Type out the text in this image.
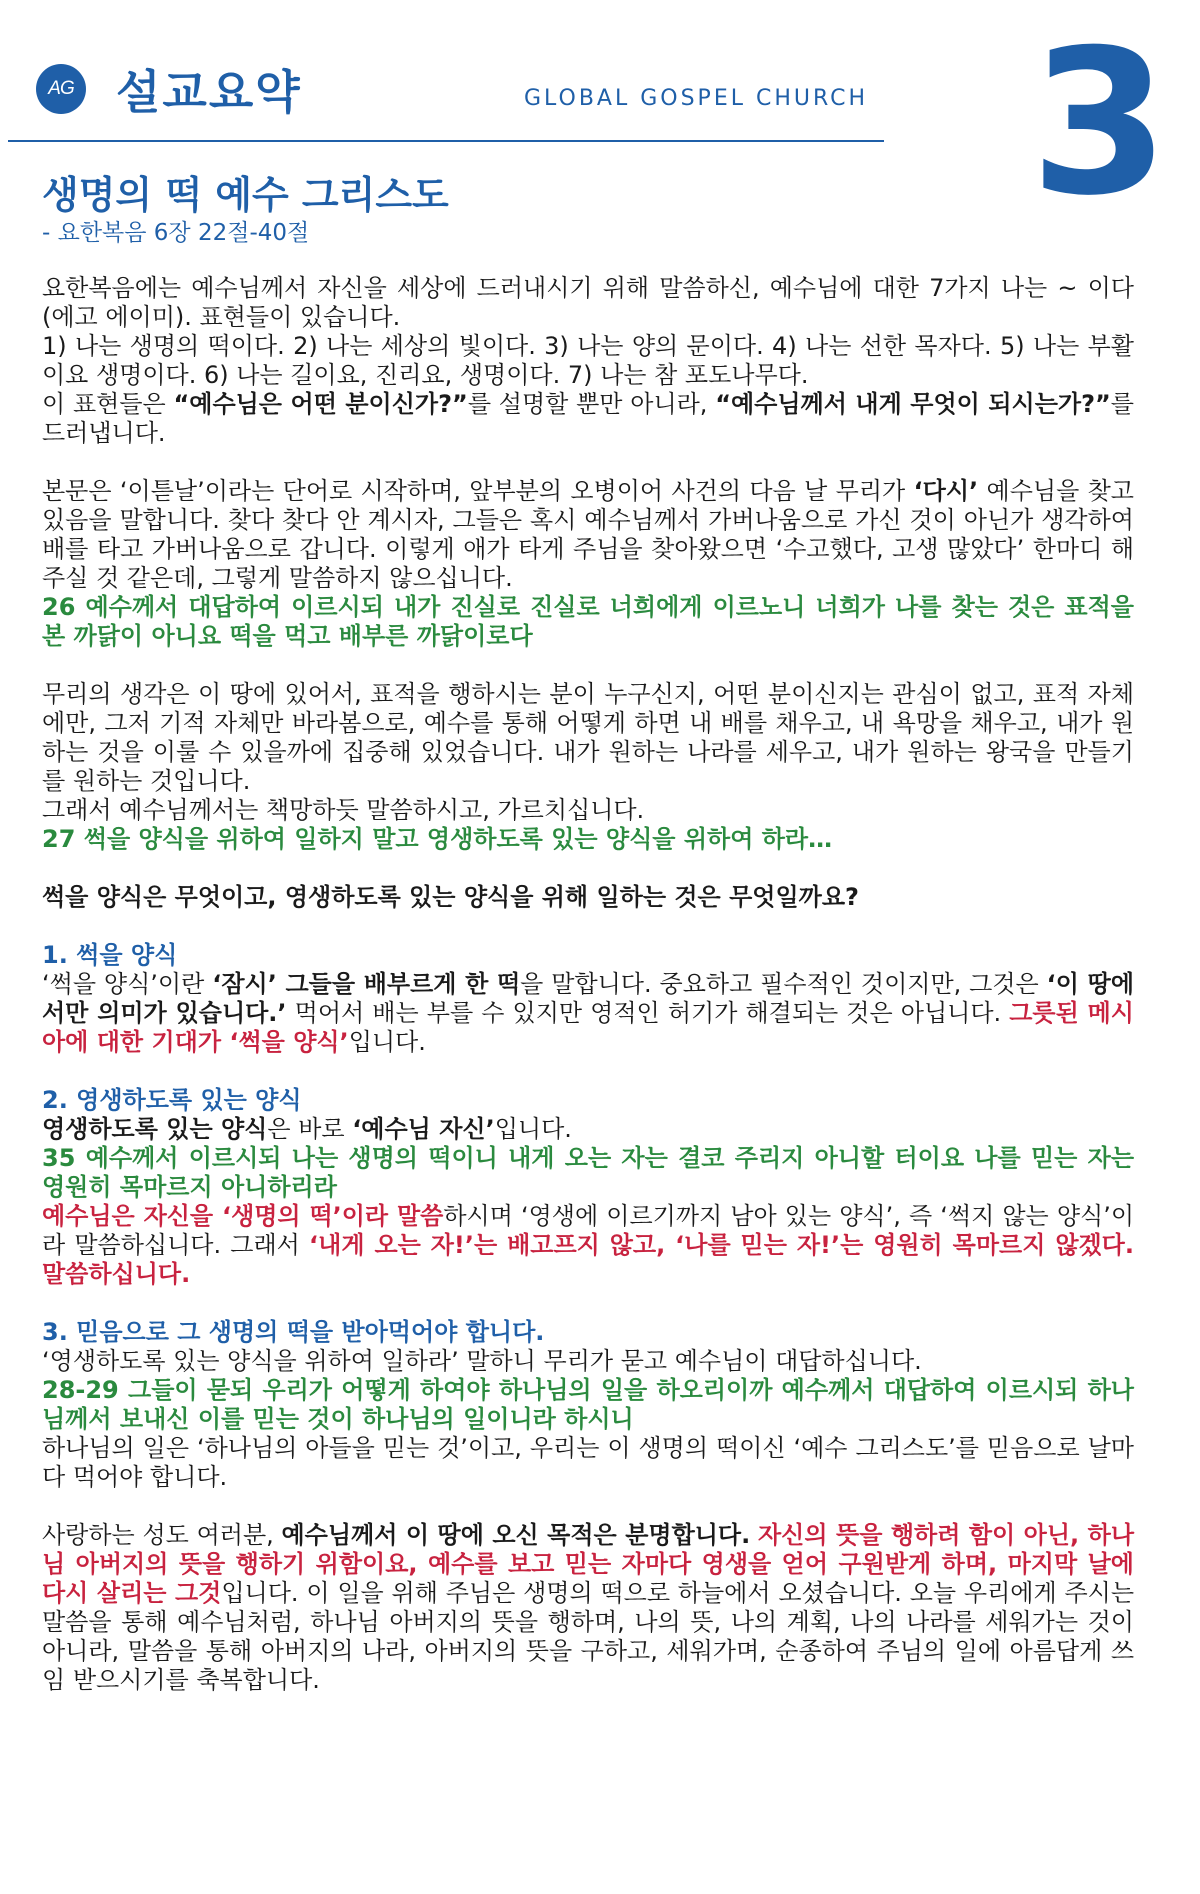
AG 설교요약	GLOBAL GOSPEL CHURCH 3
생명의 떡 예수 그리스도
- 요한복음 6장 22절-40절

요한복음에는 예수님께서 자신을 세상에 드러내시기 위해 말씀하신, 예수님에 대한 7가지 나는 ~ 이다(에고 에이미). 표현들이 있습니다.

1) 나는 생명의 떡이다. 2) 나는 세상의 빛이다. 3) 나는 양의 문이다. 4) 나는 선한 목자다. 5) 나는 부활이요 생명이다. 6) 나는 길이요, 진리요, 생명이다. 7) 나는 참 포도나무다.

이 표현들은 “예수님은 어떤 분이신가?”를 설명할 뿐만 아니라, “예수님께서 내게 무엇이 되시는가?”를 드러냅니다.

본문은 ‘이튿날’이라는 단어로 시작하며, 앞부분의 오병이어 사건의 다음 날 무리가 ‘다시’ 예수님을 찾고 있음을 말합니다. 찾다 찾다 안 계시자, 그들은 혹시 예수님께서 가버나움으로 가신 것이 아닌가 생각하여 배를 타고 가버나움으로 갑니다. 이렇게 애가 타게 주님을 찾아왔으면 ‘수고했다, 고생 많았다’ 한마디 해주실 것 같은데, 그렇게 말씀하지 않으십니다.

26 예수께서 대답하여 이르시되 내가 진실로 진실로 너희에게 이르노니 너희가 나를 찾는 것은 표적을 본 까닭이 아니요 떡을 먹고 배부른 까닭이로다

무리의 생각은 이 땅에 있어서, 표적을 행하시는 분이 누구신지, 어떤 분이신지는 관심이 없고, 표적 자체에만, 그저 기적 자체만 바라봄으로, 예수를 통해 어떻게 하면 내 배를 채우고, 내 욕망을 채우고, 내가 원하는 것을 이룰 수 있을까에 집중해 있었습니다. 내가 원하는 나라를 세우고, 내가 원하는 왕국을 만들기를 원하는 것입니다.

그래서 예수님께서는 책망하듯 말씀하시고, 가르치십니다.

27 썩을 양식을 위하여 일하지 말고 영생하도록 있는 양식을 위하여 하라…

썩을 양식은 무엇이고, 영생하도록 있는 양식을 위해 일하는 것은 무엇일까요?

1. 썩을 양식

‘썩을 양식’이란 ‘잠시’ 그들을 배부르게 한 떡을 말합니다. 중요하고 필수적인 것이지만, 그것은 ‘이 땅에서만 의미가 있습니다.’ 먹어서 배는 부를 수 있지만 영적인 허기가 해결되는 것은 아닙니다. 그릇된 메시아에 대한 기대가 ‘썩을 양식’입니다.

2. 영생하도록 있는 양식

영생하도록 있는 양식은 바로 ‘예수님 자신’입니다.

35 예수께서 이르시되 나는 생명의 떡이니 내게 오는 자는 결코 주리지 아니할 터이요 나를 믿는 자는 영원히 목마르지 아니하리라

예수님은 자신을 ‘생명의 떡’이라 말씀하시며 ‘영생에 이르기까지 남아 있는 양식’, 즉 ‘썩지 않는 양식’이라 말씀하십니다. 그래서 ‘내게 오는 자!’는 배고프지 않고, ‘나를 믿는 자!’는 영원히 목마르지 않겠다. 말씀하십니다.

3. 믿음으로 그 생명의 떡을 받아먹어야 합니다.

‘영생하도록 있는 양식을 위하여 일하라’ 말하니 무리가 묻고 예수님이 대답하십니다.

28-29 그들이 묻되 우리가 어떻게 하여야 하나님의 일을 하오리이까 예수께서 대답하여 이르시되 하나님께서 보내신 이를 믿는 것이 하나님의 일이니라 하시니

하나님의 일은 ‘하나님의 아들을 믿는 것’이고, 우리는 이 생명의 떡이신 ‘예수 그리스도’를 믿음으로 날마다 먹어야 합니다.

사랑하는 성도 여러분, 예수님께서 이 땅에 오신 목적은 분명합니다. 자신의 뜻을 행하려 함이 아닌, 하나님 아버지의 뜻을 행하기 위함이요, 예수를 보고 믿는 자마다 영생을 얻어 구원받게 하며, 마지막 날에 다시 살리는 그것입니다. 이 일을 위해 주님은 생명의 떡으로 하늘에서 오셨습니다. 오늘 우리에게 주시는 말씀을 통해 예수님처럼, 하나님 아버지의 뜻을 행하며, 나의 뜻, 나의 계획, 나의 나라를 세워가는 것이 아니라, 말씀을 통해 아버지의 나라, 아버지의 뜻을 구하고, 세워가며, 순종하여 주님의 일에 아름답게 쓰임 받으시기를 축복합니다.
